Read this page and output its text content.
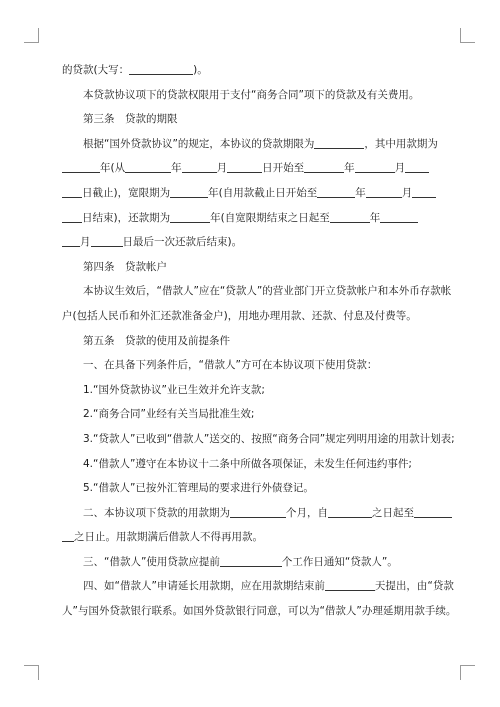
的贷款(大写：	)。
本贷款协议项下的贷款权限用于支付“商务合同”项下的贷款及有关费用。
第三条　贷款的期限
根据“国外贷款协议”的规定，本协议的贷款期限为	，其中用款期为
年(从	年	月	日开始至	年	月
日截止)，宽限期为	年(自用款截止日开始至	年	月
日结束)，还款期为	年(自宽限期结束之日起至	年
月	日最后一次还款后结束)。
第四条　贷款帐户
本协议生效后，“借款人”应在“贷款人”的营业部门开立贷款帐户和本外币存款帐
户(包括人民币和外汇还款准备金户)，用地办理用款、还款、付息及付费等。
第五条　贷款的使用及前提条件
一、在具备下列条件后，“借款人”方可在本协议项下使用贷款：
1.“国外贷款协议”业已生效并允许支款;
2.“商务合同”业经有关当局批准生效;
3.“贷款人”已收到“借款人”送交的、按照“商务合同”规定列明用途的用款计划表;
4.“借款人”遵守在本协议十二条中所做各项保证，未发生任何违约事件;
5.“借款人”已按外汇管理局的要求进行外债登记。
二、本协议项下贷款的用款期为	个月，自	之日起至
之日止。用款期满后借款人不得再用款。
三、“借款人”使用贷款应提前	个工作日通知“贷款人”。
四、如“借款人”申请延长用款期，应在用款期结束前	天提出，由“贷款
人”与国外贷款银行联系。如国外贷款银行同意，可以为“借款人”办理延期用款手续。
